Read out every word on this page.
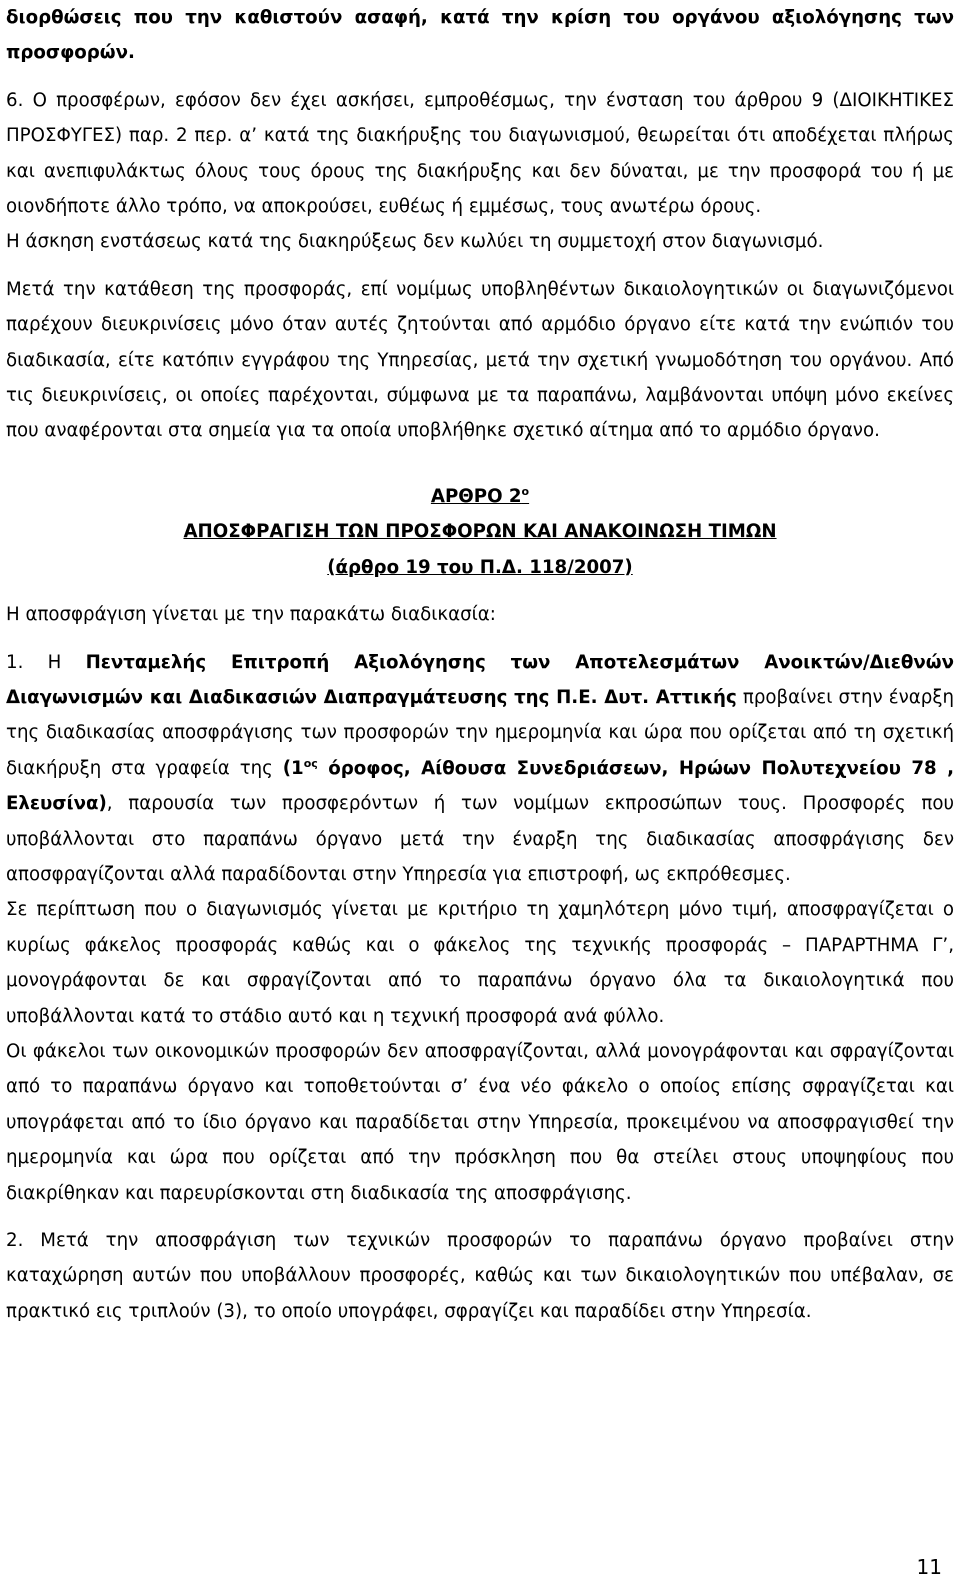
διορθώσεις που την καθιστούν ασαφή, κατά την κρίση του οργάνου αξιολόγησης των προσφορών.

6. Ο προσφέρων, εφόσον δεν έχει ασκήσει, εμπροθέσμως, την ένσταση του άρθρου 9 (ΔΙΟΙΚΗΤΙΚΕΣ ΠΡΟΣΦΥΓΕΣ) παρ. 2 περ. α’ κατά της διακήρυξης του διαγωνισμού, θεωρείται ότι αποδέχεται πλήρως και ανεπιφυλάκτως όλους τους όρους της διακήρυξης και δεν δύναται, με την προσφορά του ή με οιονδήποτε άλλο τρόπο, να αποκρούσει, ευθέως ή εμμέσως, τους ανωτέρω όρους.

Η άσκηση ενστάσεως κατά της διακηρύξεως δεν κωλύει τη συμμετοχή στον διαγωνισμό.

Μετά την κατάθεση της προσφοράς, επί νομίμως υποβληθέντων δικαιολογητικών οι διαγωνιζόμενοι παρέχουν διευκρινίσεις μόνο όταν αυτές ζητούνται από αρμόδιο όργανο είτε κατά την ενώπιόν του διαδικασία, είτε κατόπιν εγγράφου της Υπηρεσίας, μετά την σχετική γνωμοδότηση του οργάνου. Από τις διευκρινίσεις, οι οποίες παρέχονται, σύμφωνα με τα παραπάνω, λαμβάνονται υπόψη μόνο εκείνες που αναφέρονται στα σημεία για τα οποία υποβλήθηκε σχετικό αίτημα από το αρμόδιο όργανο.

ΑΡΘΡΟ $2^o$

ΑΠΟΣΦΡΑΓΙΣΗ ΤΩΝ ΠΡΟΣΦΟΡΩΝ ΚΑΙ ΑΝΑΚΟΙΝΩΣΗ ΤΙΜΩΝ

(άρθρο 19 του Π.Δ. 118/2007)

Η αποσφράγιση γίνεται με την παρακάτω διαδικασία:

1. Η Πενταμελής Επιτροπή Αξιολόγησης των Αποτελεσμάτων Ανοικτών/Διεθνών Διαγωνισμών και Διαδικασιών Διαπραγμάτευσης της Π.Ε. Δυτ. Αττικής προβαίνει στην έναρξη της διαδικασίας αποσφράγισης των προσφορών την ημερομηνία και ώρα που ορίζεται από τη σχετική διακήρυξη στα γραφεία της ($1^{o\varsigma}$ όροφος, Αίθουσα Συνεδριάσεων, Ηρώων Πολυτεχνείου 78 , Ελευσίνα), παρουσία των προσφερόντων ή των νομίμων εκπροσώπων τους. Προσφορές που υποβάλλονται στο παραπάνω όργανο μετά την έναρξη της διαδικασίας αποσφράγισης δεν αποσφραγίζονται αλλά παραδίδονται στην Υπηρεσία για επιστροφή, ως εκπρόθεσμες.

Σε περίπτωση που ο διαγωνισμός γίνεται με κριτήριο τη χαμηλότερη μόνο τιμή, αποσφραγίζεται ο κυρίως φάκελος προσφοράς καθώς και ο φάκελος της τεχνικής προσφοράς – ΠΑΡΑΡΤΗΜΑ Γ’, μονογράφονται δε και σφραγίζονται από το παραπάνω όργανο όλα τα δικαιολογητικά που υποβάλλονται κατά το στάδιο αυτό και η τεχνική προσφορά ανά φύλλο.

Οι φάκελοι των οικονομικών προσφορών δεν αποσφραγίζονται, αλλά μονογράφονται και σφραγίζονται από το παραπάνω όργανο και τοποθετούνται σ’ ένα νέο φάκελο ο οποίος επίσης σφραγίζεται και υπογράφεται από το ίδιο όργανο και παραδίδεται στην Υπηρεσία, προκειμένου να αποσφραγισθεί την ημερομηνία και ώρα που ορίζεται από την πρόσκληση που θα στείλει στους υποψηφίους που διακρίθηκαν και παρευρίσκονται στη διαδικασία της αποσφράγισης.

2. Μετά την αποσφράγιση των τεχνικών προσφορών το παραπάνω όργανο προβαίνει στην καταχώρηση αυτών που υποβάλλουν προσφορές, καθώς και των δικαιολογητικών που υπέβαλαν, σε πρακτικό εις τριπλούν (3), το οποίο υπογράφει, σφραγίζει και παραδίδει στην Υπηρεσία.

11
